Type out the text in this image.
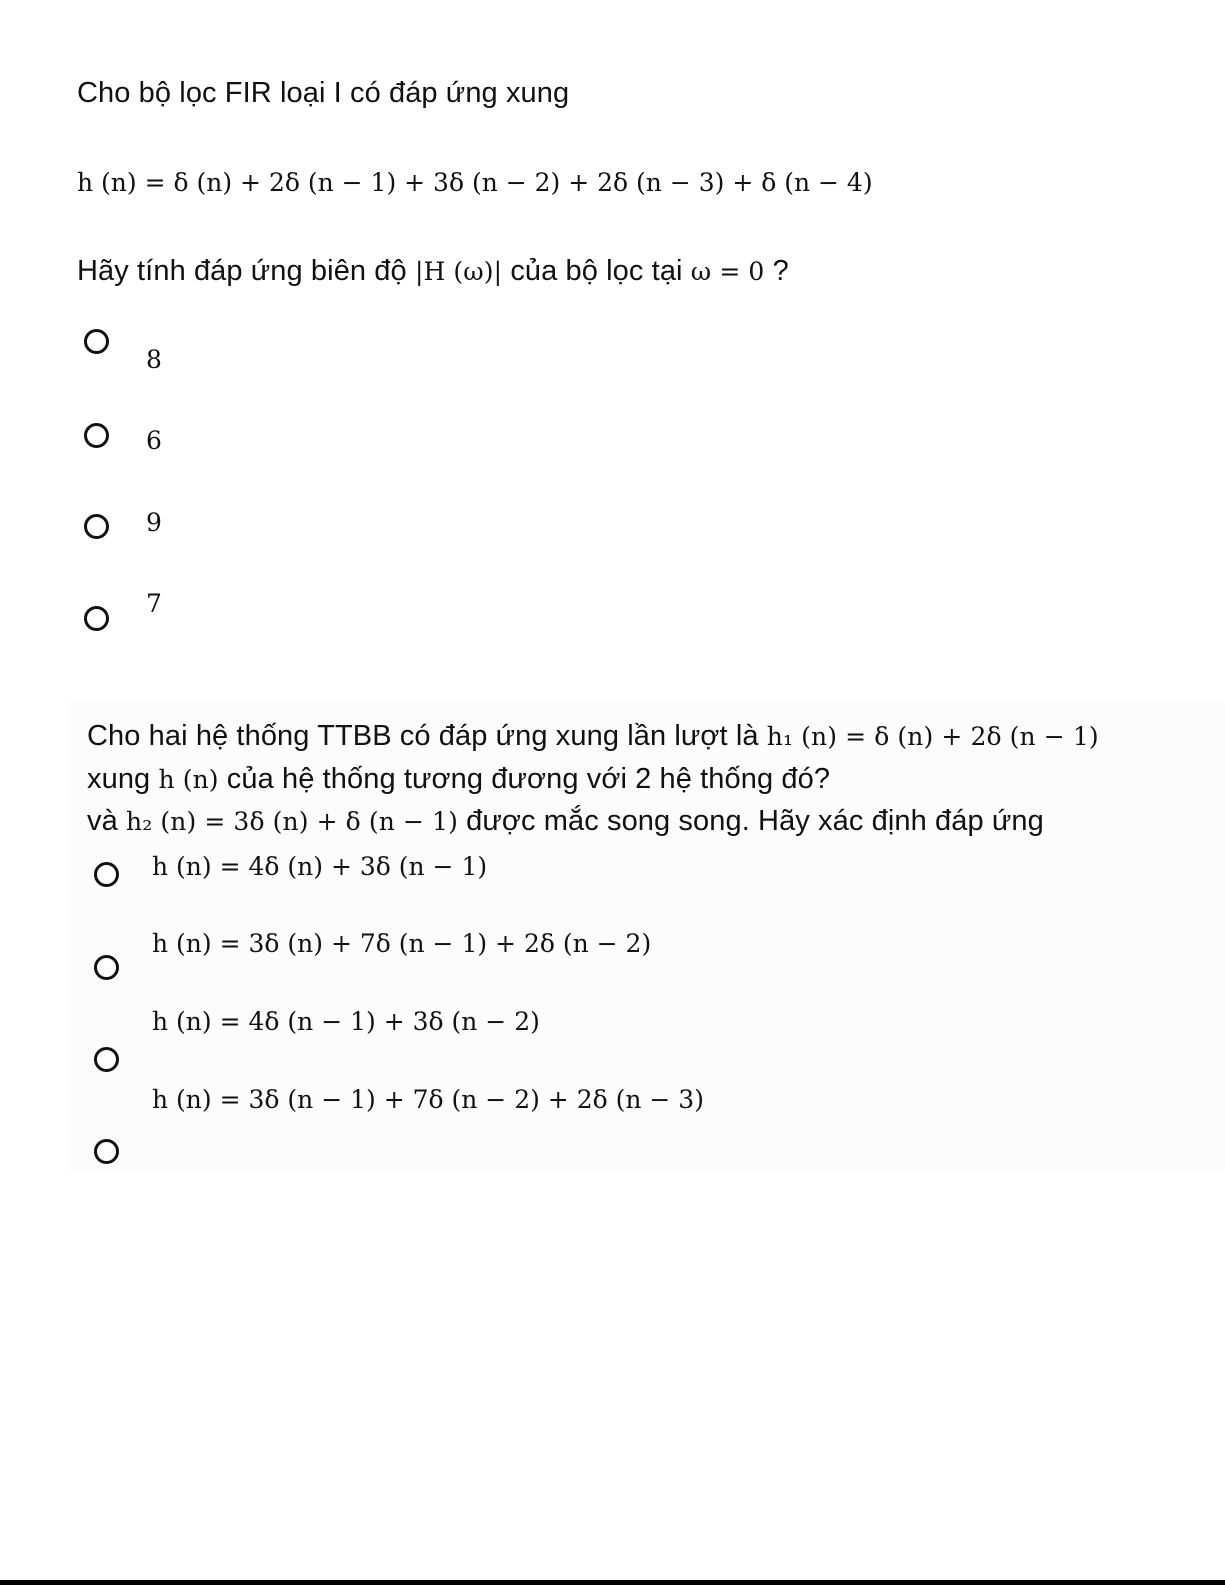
Cho bộ lọc FIR loại I có đáp ứng xung
h (n) = δ (n) + 2δ (n − 1) + 3δ (n − 2) + 2δ (n − 3) + δ (n − 4)
Hãy tính đáp ứng biên độ |H (ω)| của bộ lọc tại ω = 0 ?
8
6
9
7
Cho hai hệ thống TTBB có đáp ứng xung lần lượt là h₁ (n) = δ (n) + 2δ (n − 1)
xung h (n) của hệ thống tương đương với 2 hệ thống đó?
và h₂ (n) = 3δ (n) + δ (n − 1) được mắc song song. Hãy xác định đáp ứng
h (n) = 4δ (n) + 3δ (n − 1)
h (n) = 3δ (n) + 7δ (n − 1) + 2δ (n − 2)
h (n) = 4δ (n − 1) + 3δ (n − 2)
h (n) = 3δ (n − 1) + 7δ (n − 2) + 2δ (n − 3)
